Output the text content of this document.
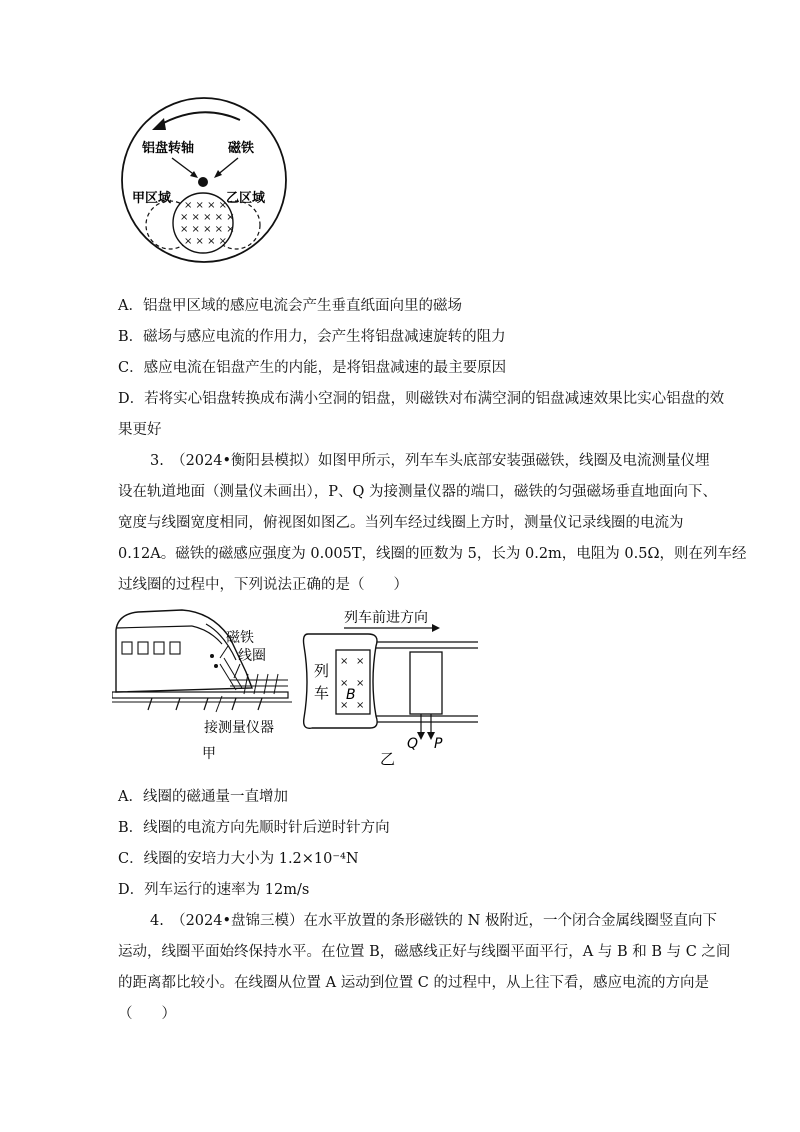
铝盘转轴	磁铁
甲区域	乙区域
× × × ×
× × × × ×
× × × × ×
× × × ×
A．铝盘甲区域的感应电流会产生垂直纸面向里的磁场
B．磁场与感应电流的作用力，会产生将铝盘减速旋转的阻力
C．感应电流在铝盘产生的内能，是将铝盘减速的最主要原因
D．若将实心铝盘转换成布满小空洞的铝盘，则磁铁对布满空洞的铝盘减速效果比实心铝盘的效
果更好
3.　（2024•衡阳县模拟）如图甲所示，列车车头底部安装强磁铁，线圈及电流测量仪埋
设在轨道地面（测量仪未画出），P、Q 为接测量仪器的端口，磁铁的匀强磁场垂直地面向下、
宽度与线圈宽度相同，俯视图如图乙。当列车经过线圈上方时，测量仪记录线圈的电流为
0.12A。磁铁的磁感应强度为 0.005T，线圈的匝数为 5，长为 0.2m，电阻为 0.5Ω，则在列车经
过线圈的过程中，下列说法正确的是（　　）
磁铁
线圈
接测量仪器
甲
列车前进方向
列
车
× ×
× ×
× ×
B
Q P
乙
A．线圈的磁通量一直增加
B．线圈的电流方向先顺时针后逆时针方向
C．线圈的安培力大小为 1.2×10⁻⁴N
D．列车运行的速率为 12m/s
4.　（2024•盘锦三模）在水平放置的条形磁铁的 N 极附近，一个闭合金属线圈竖直向下
运动，线圈平面始终保持水平。在位置 B，磁感线正好与线圈平面平行，A 与 B 和 B 与 C 之间
的距离都比较小。在线圈从位置 A 运动到位置 C 的过程中，从上往下看，感应电流的方向是
（　　）
